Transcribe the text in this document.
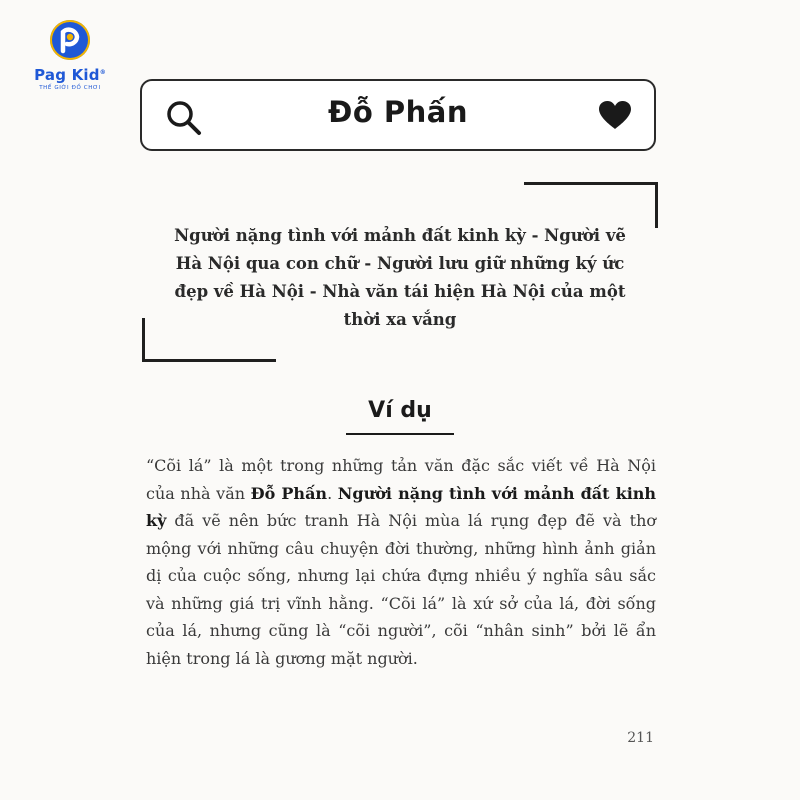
Pag Kid®
THẾ GIỚI ĐỒ CHƠI
Đỗ Phấn
Người nặng tình với mảnh đất kinh kỳ - Người vẽ Hà Nội qua con chữ - Người lưu giữ những ký ức đẹp về Hà Nội - Nhà văn tái hiện Hà Nội của một thời xa vắng
Ví dụ
“Cõi lá” là một trong những tản văn đặc sắc viết về Hà Nội của nhà văn Đỗ Phấn. Người nặng tình với mảnh đất kinh kỳ đã vẽ nên bức tranh Hà Nội mùa lá rụng đẹp đẽ và thơ mộng với những câu chuyện đời thường, những hình ảnh giản dị của cuộc sống, nhưng lại chứa đựng nhiều ý nghĩa sâu sắc và những giá trị vĩnh hằng. “Cõi lá” là xứ sở của lá, đời sống của lá, nhưng cũng là “cõi người”, cõi “nhân sinh” bởi lẽ ẩn hiện trong lá là gương mặt người.
211
